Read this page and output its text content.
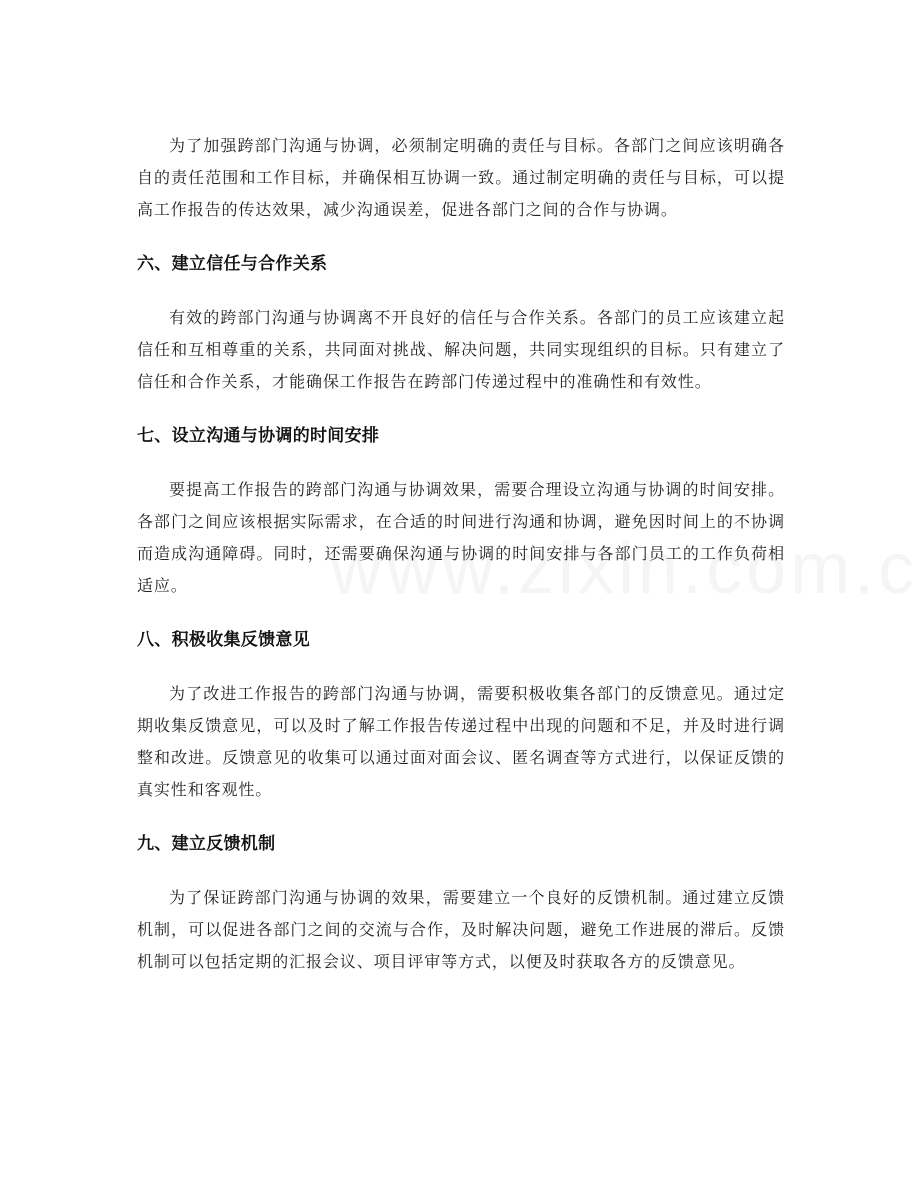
为了加强跨部门沟通与协调，必须制定明确的责任与目标。各部门之间应该明确各自的责任范围和工作目标，并确保相互协调一致。通过制定明确的责任与目标，可以提高工作报告的传达效果，减少沟通误差，促进各部门之间的合作与协调。

六、建立信任与合作关系

有效的跨部门沟通与协调离不开良好的信任与合作关系。各部门的员工应该建立起信任和互相尊重的关系，共同面对挑战、解决问题，共同实现组织的目标。只有建立了信任和合作关系，才能确保工作报告在跨部门传递过程中的准确性和有效性。

七、设立沟通与协调的时间安排

要提高工作报告的跨部门沟通与协调效果，需要合理设立沟通与协调的时间安排。各部门之间应该根据实际需求，在合适的时间进行沟通和协调，避免因时间上的不协调而造成沟通障碍。同时，还需要确保沟通与协调的时间安排与各部门员工的工作负荷相适应。

八、积极收集反馈意见

为了改进工作报告的跨部门沟通与协调，需要积极收集各部门的反馈意见。通过定期收集反馈意见，可以及时了解工作报告传递过程中出现的问题和不足，并及时进行调整和改进。反馈意见的收集可以通过面对面会议、匿名调查等方式进行，以保证反馈的真实性和客观性。

九、建立反馈机制

为了保证跨部门沟通与协调的效果，需要建立一个良好的反馈机制。通过建立反馈机制，可以促进各部门之间的交流与合作，及时解决问题，避免工作进展的滞后。反馈机制可以包括定期的汇报会议、项目评审等方式，以便及时获取各方的反馈意见。
